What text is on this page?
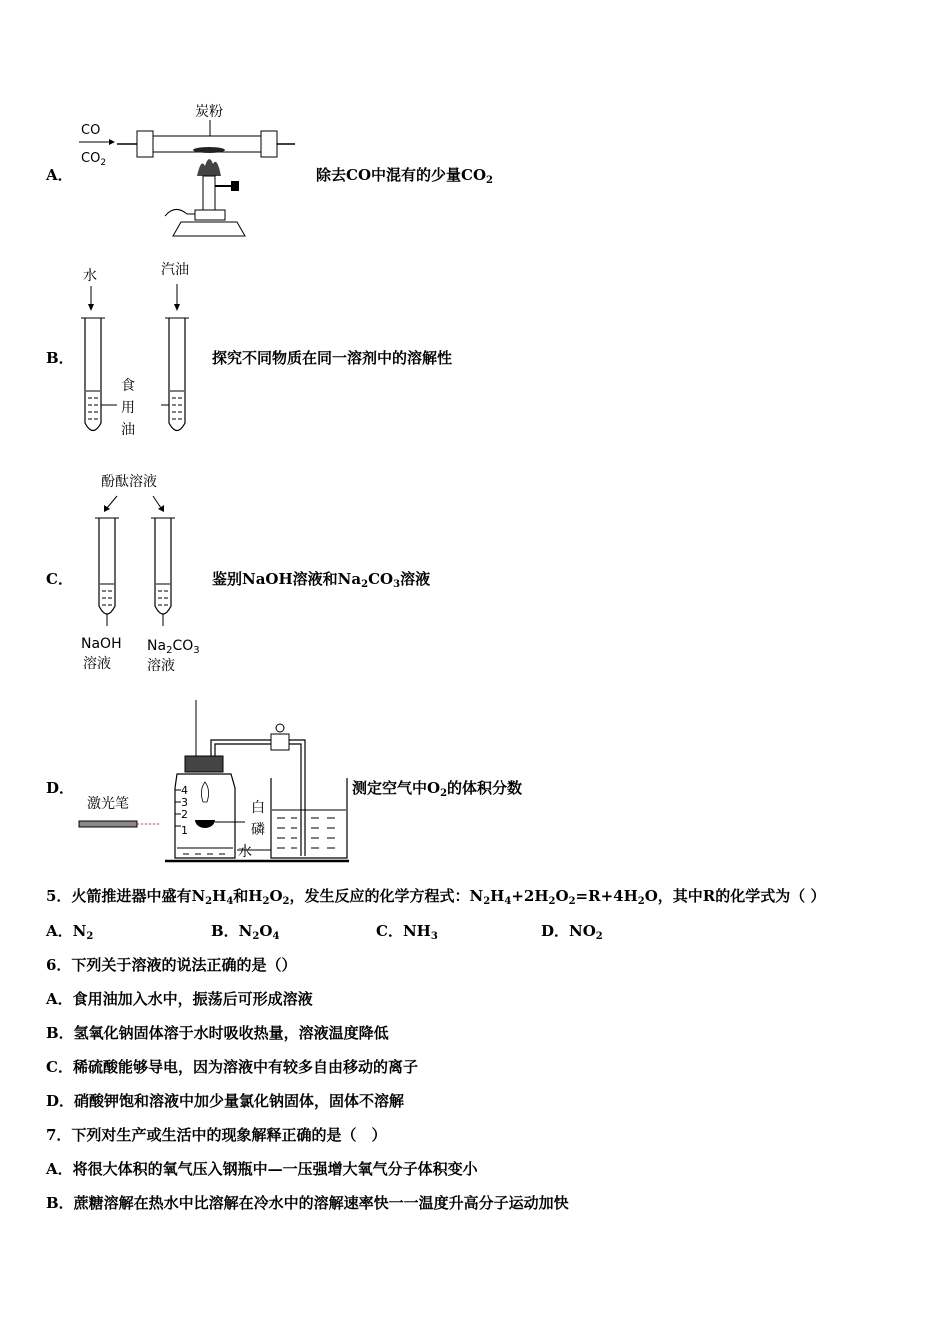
A．
炭粉
CO
$CO_2$
除去CO中混有的少量$CO_2$
B．
水	汽油
食
用
油
探究不同物质在同一溶剂中的溶解性
C．
酚酞溶液
NaOH
溶液
$Na_2CO_3$
溶液
鉴别NaOH溶液和$Na_2CO_3$溶液
D．
激光笔
4
3
2
1
白
磷
水
测定空气中$O_2$的体积分数
5．火箭推进器中盛有$N_2H_4$和$H_2O_2$，发生反应的化学方程式：$N_2H_4+2H_2O_2=R+4H_2O$，其中R的化学式为（ ）
A．$N_2$	B．$N_2O_4$	C．$NH_3$	D．$NO_2$
6．下列关于溶液的说法正确的是（）
A．食用油加入水中，振荡后可形成溶液
B．氢氧化钠固体溶于水时吸收热量，溶液温度降低
C．稀硫酸能够导电，因为溶液中有较多自由移动的离子
D．硝酸钾饱和溶液中加少量氯化钠固体，固体不溶解
7．下列对生产或生活中的现象解释正确的是（　）
A．将很大体积的氧气压入钢瓶中—一压强增大氧气分子体积变小
B．蔗糖溶解在热水中比溶解在冷水中的溶解速率快一一温度升高分子运动加快
